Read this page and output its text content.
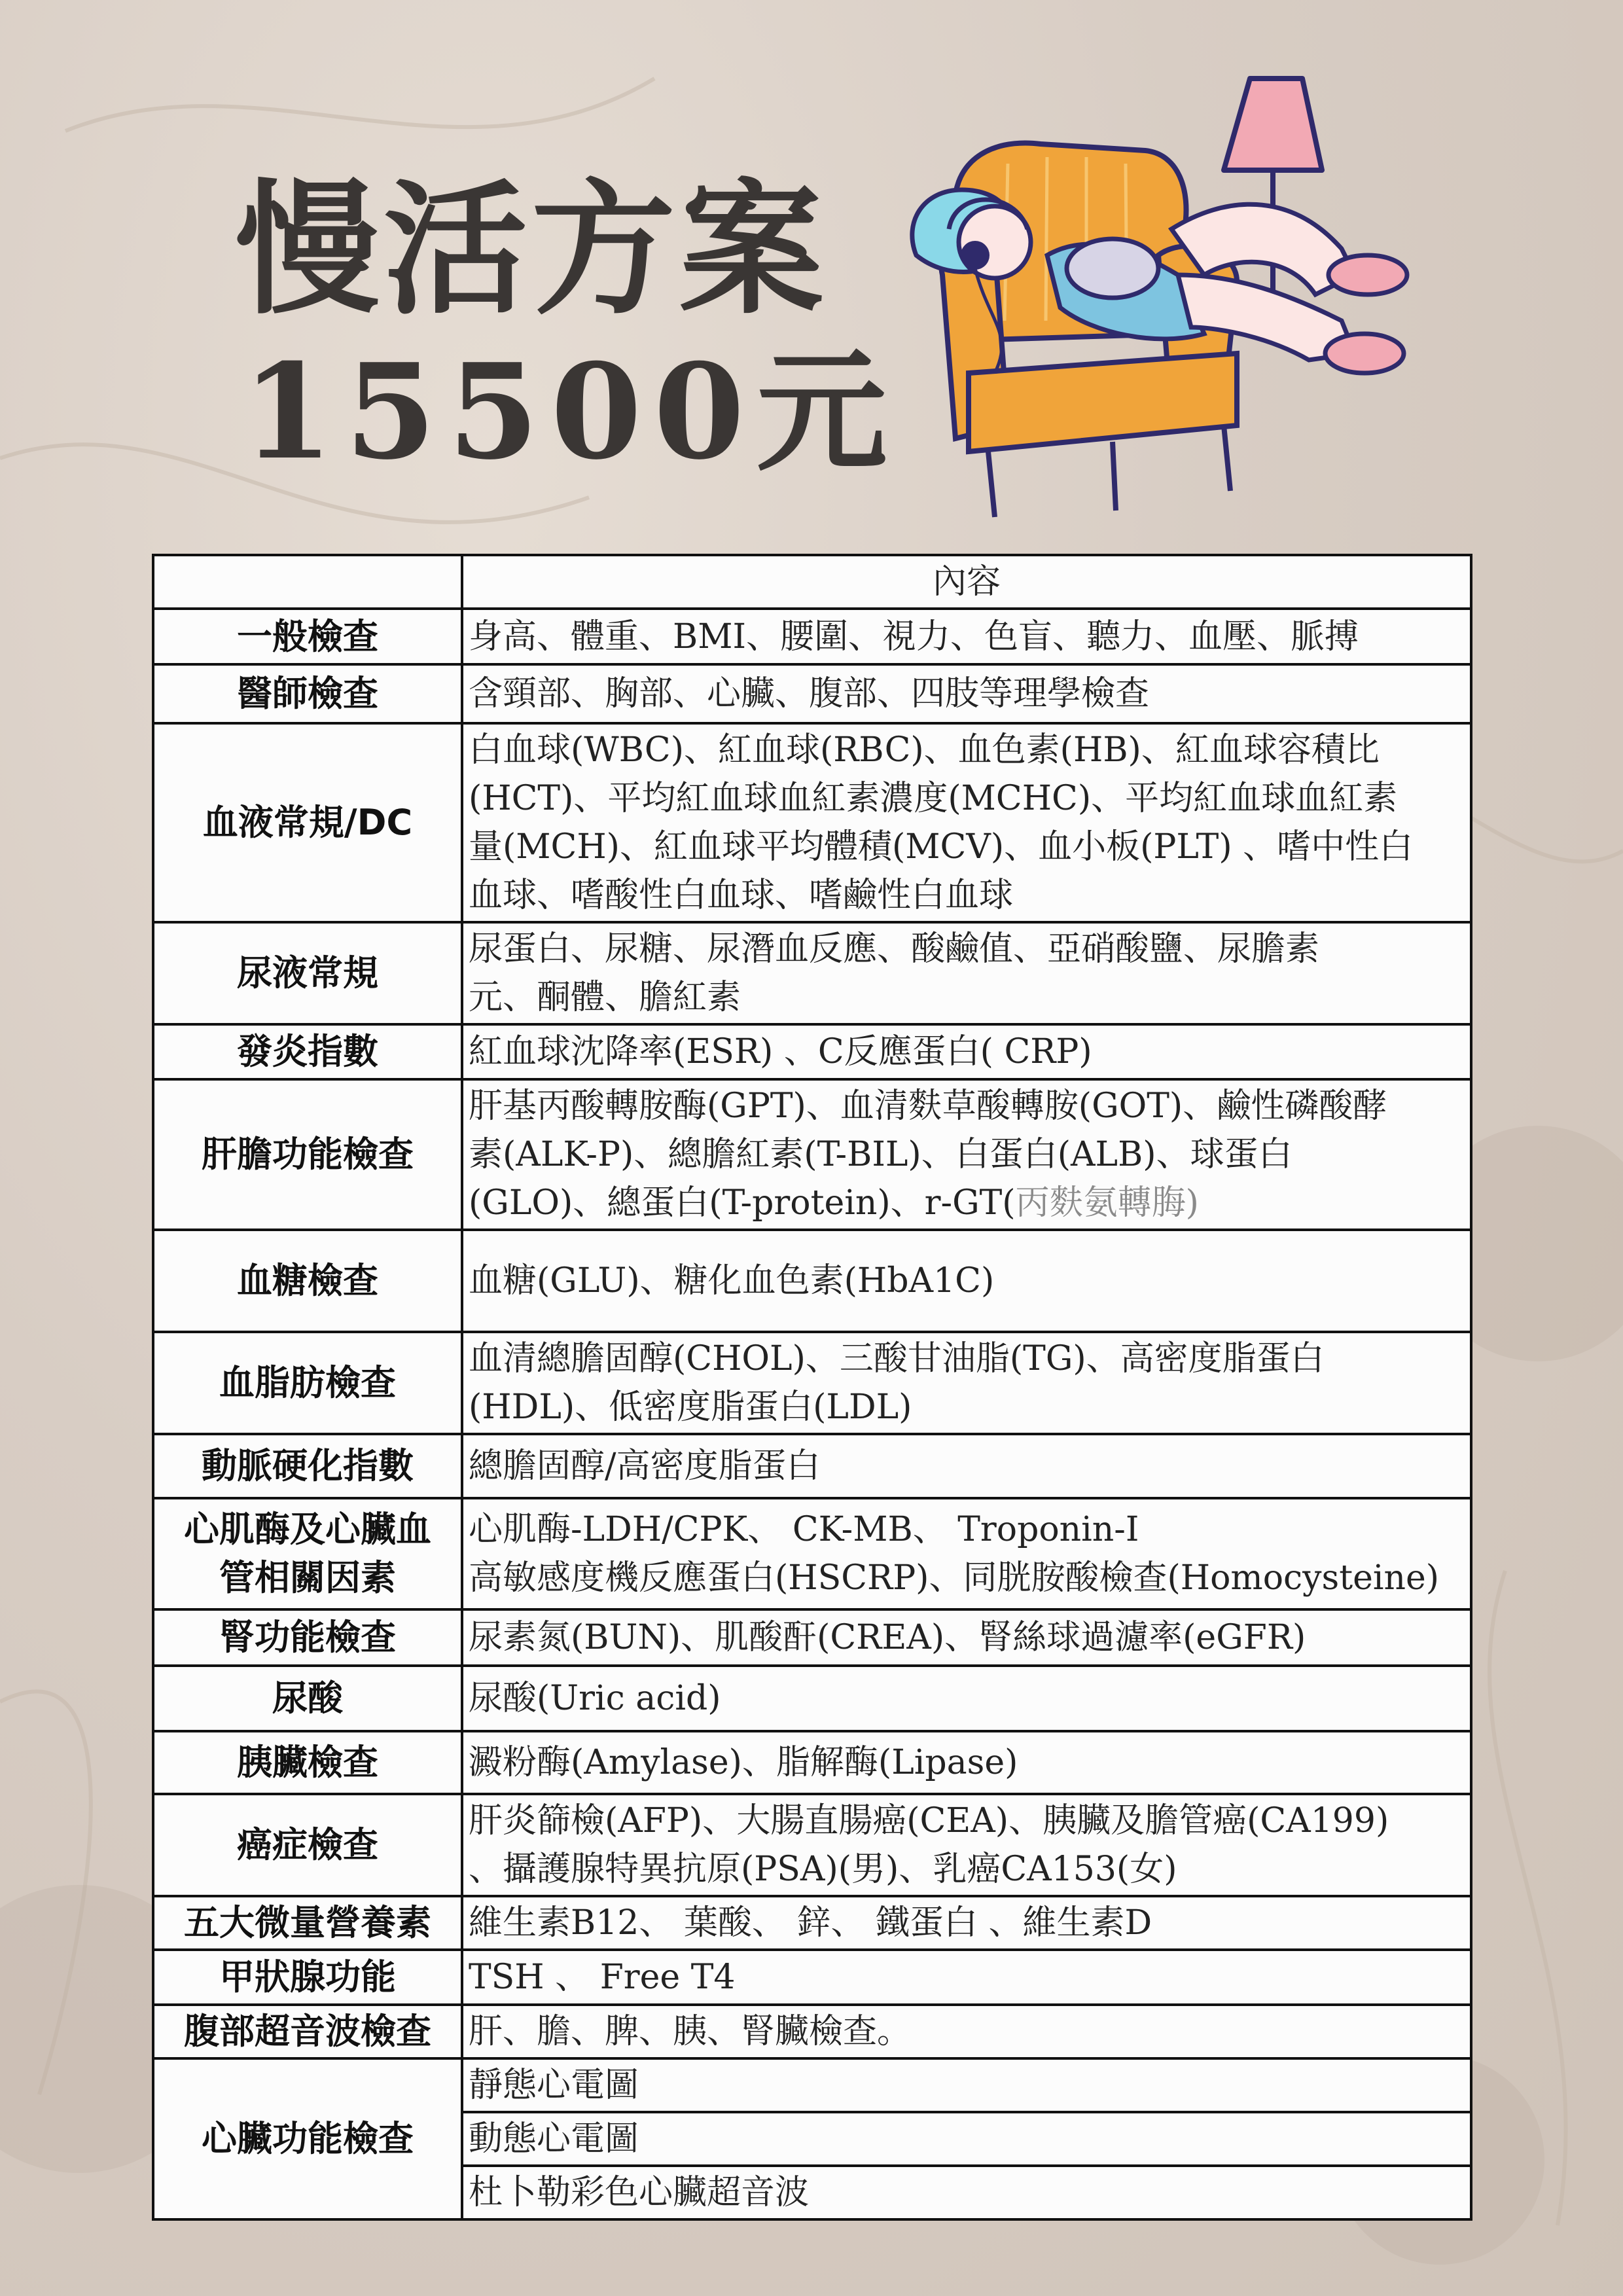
慢活方案
15500元
	內容
一般檢查	身高、體重、BMI、腰圍、視力、色盲、聽力、血壓、脈搏

醫師檢查	含頸部、胸部、心臟、腹部、四肢等理學檢查

血液常規/DC	白血球(WBC)、紅血球(RBC)、血色素(HB)、紅血球容積比
(HCT)、平均紅血球血紅素濃度(MCHC)、平均紅血球血紅素
量(MCH)、紅血球平均體積(MCV)、血小板(PLT) 、嗜中性白
血球、嗜酸性白血球、嗜鹼性白血球

尿液常規	尿蛋白、尿糖、尿潛血反應、酸鹼值、亞硝酸鹽、尿膽素
元、酮體、膽紅素

發炎指數	紅血球沈降率(ESR) 、C反應蛋白( CRP)

肝膽功能檢查	肝基丙酸轉胺酶(GPT)、血清麩草酸轉胺(GOT)、鹼性磷酸酵
素(ALK-P)、總膽紅素(T-BIL)、白蛋白(ALB)、球蛋白
(GLO)、總蛋白(T-protein)、r-GT(丙麩氨轉脢)

血糖檢查	血糖(GLU)、糖化血色素(HbA1C)

血脂肪檢查	血清總膽固醇(CHOL)、三酸甘油脂(TG)、高密度脂蛋白
(HDL)、低密度脂蛋白(LDL)

動脈硬化指數	總膽固醇/高密度脂蛋白

心肌酶及心臟血
管相關因素	心肌酶-LDH/CPK、 CK-MB、 Troponin-I
高敏感度機反應蛋白(HSCRP)、同胱胺酸檢查(Homocysteine)

腎功能檢查	尿素氮(BUN)、肌酸酐(CREA)、腎絲球過濾率(eGFR)

尿酸	尿酸(Uric acid)

胰臟檢查	澱粉酶(Amylase)、脂解酶(Lipase)

癌症檢查	肝炎篩檢(AFP)、大腸直腸癌(CEA)、胰臟及膽管癌(CA199)
、攝護腺特異抗原(PSA)(男)、乳癌CA153(女)

五大微量營養素	維生素B12、 葉酸、 鋅、 鐵蛋白 、維生素D

甲狀腺功能	TSH 、 Free T4

腹部超音波檢查	肝、膽、脾、胰、腎臟檢查。

心臟功能檢查	靜態心電圖

	動態心電圖

	杜卜勒彩色心臟超音波
